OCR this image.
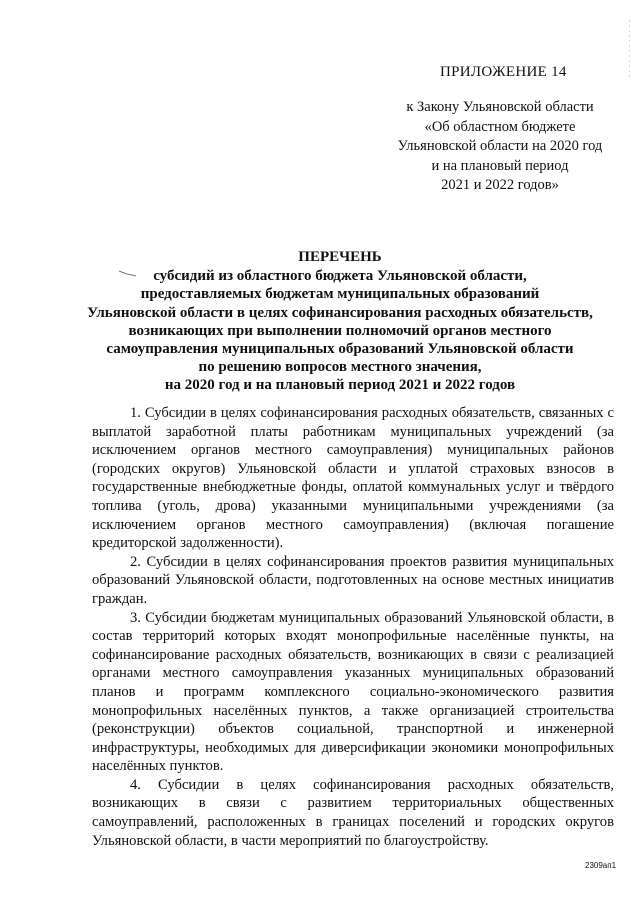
ПРИЛОЖЕНИЕ 14
к Закону Ульяновской области
«Об областном бюджете
Ульяновской области на 2020 год
и на плановый период
2021 и 2022 годов»
ПЕРЕЧЕНЬ
субсидий из областного бюджета Ульяновской области,
предоставляемых бюджетам муниципальных образований
Ульяновской области в целях софинансирования расходных обязательств,
возникающих при выполнении полномочий органов местного
самоуправления муниципальных образований Ульяновской области
по решению вопросов местного значения,
на 2020 год и на плановый период 2021 и 2022 годов

1. Субсидии в целях софинансирования расходных обязательств, связанных с выплатой заработной платы работникам муниципальных учреждений (за исключением органов местного самоуправления) муниципальных районов (городских округов) Ульяновской области и уплатой страховых взносов в государственные внебюджетные фонды, оплатой коммунальных услуг и твёрдого топлива (уголь, дрова) указанными муниципальными учреждениями (за исключением органов местного самоуправления) (включая погашение кредиторской задолженности).

2. Субсидии в целях софинансирования проектов развития муниципальных образований Ульяновской области, подготовленных на основе местных инициатив граждан.

3. Субсидии бюджетам муниципальных образований Ульяновской области, в состав территорий которых входят монопрофильные населённые пункты, на софинансирование расходных обязательств, возникающих в связи с реализацией органами местного самоуправления указанных муниципальных образований планов и программ комплексного социально-экономического развития монопрофильных населённых пунктов, а также организацией строительства (реконструкции) объектов социальной, транспортной и инженерной инфраструктуры, необходимых для диверсификации экономики монопрофильных населённых пунктов.

4. Субсидии в целях софинансирования расходных обязательств, возникающих в связи с развитием территориальных общественных самоуправлений, расположенных в границах поселений и городских округов Ульяновской области, в части мероприятий по благоустройству.

2309ап1
